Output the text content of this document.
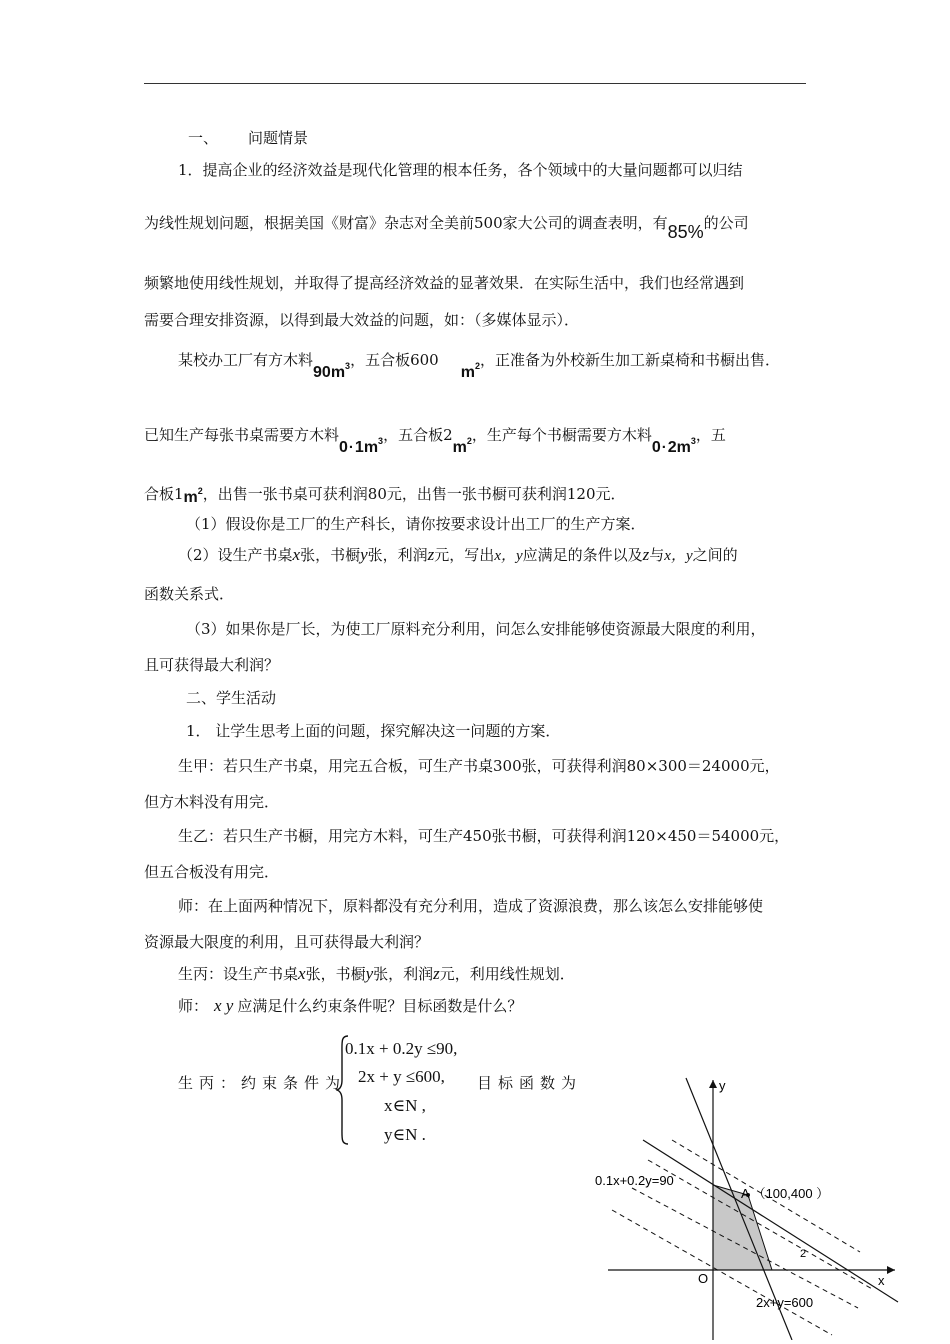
一、 问题情景
1．提高企业的经济效益是现代化管理的根本任务，各个领域中的大量问题都可以归结
为线性规划问题，根据美国《财富》杂志对全美前500家大公司的调查表明，有85%的公司
频繁地使用线性规划，并取得了提高经济效益的显著效果．在实际生活中，我们也经常遇到
需要合理安排资源，以得到最大效益的问题，如：（多媒体显示）．
某校办工厂有方木料$90m^3$，五合板$600m^2$，正准备为外校新生加工新桌椅和书橱出售．
已知生产每张书桌需要方木料$0\cdot 1m^3$，五合板$2m^2$，生产每个书橱需要方木料$0\cdot 2m^3$，五
合板$1m^2$，出售一张书桌可获利润80元，出售一张书橱可获利润120元．
（1）假设你是工厂的生产科长，请你按要求设计出工厂的生产方案．
（2）设生产书桌x张，书橱y张，利润z元，写出x，y应满足的条件以及z与x，y之间的
函数关系式．
（3）如果你是厂长，为使工厂原料充分利用，问怎么安排能够使资源最大限度的利用，
且可获得最大利润？
二、学生活动
1． 让学生思考上面的问题，探究解决这一问题的方案．
生甲：若只生产书桌，用完五合板，可生产书桌300张，可获得利润80×300＝24000元，
但方木料没有用完．
生乙：若只生产书橱，用完方木料，可生产450张书橱，可获得利润120×450＝54000元，
但五合板没有用完．
师：在上面两种情况下，原料都没有充分利用，造成了资源浪费，那么该怎么安排能够使
资源最大限度的利用，且可获得最大利润？
生丙：设生产书桌x张，书橱y张，利润z元，利用线性规划．
师： x y 应满足什么约束条件呢？目标函数是什么？
生丙：约束条件为
0.1x + 0.2y ≤90,
2x + y ≤600,
x∈N ,
y∈N .
目标函数为	y
x
O
0.1x+0.2y=90
A （100,400 ）
2
2x+y=600
